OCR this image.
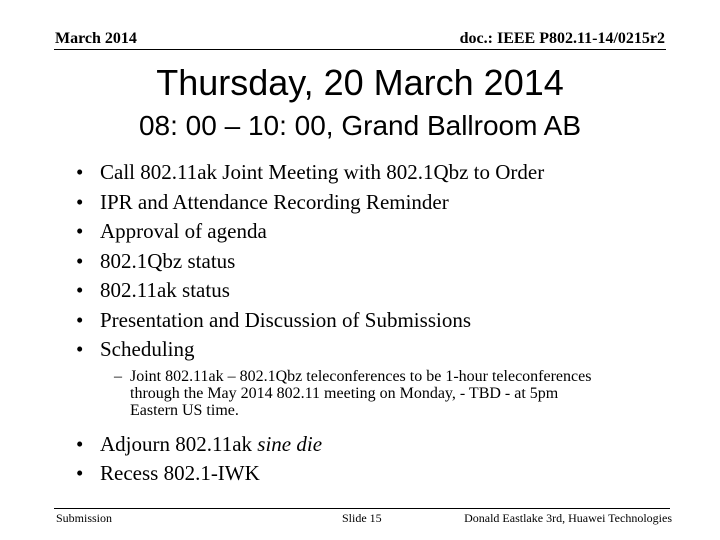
March 2014	doc.: IEEE P802.11-14/0215r2
Thursday, 20 March 2014
08: 00 – 10: 00, Grand Ballroom AB
• Call 802.11ak Joint Meeting with 802.1Qbz to Order
• IPR and Attendance Recording Reminder
• Approval of agenda
• 802.1Qbz status
• 802.11ak status
• Presentation and Discussion of Submissions
• Scheduling
– Joint 802.11ak – 802.1Qbz teleconferences to be 1-hour teleconferences through the May 2014 802.11 meeting on Monday, - TBD - at 5pm Eastern US time.
• Adjourn 802.11ak sine die
• Recess 802.1-IWK
Submission	Slide 15	Donald Eastlake 3rd, Huawei Technologies
